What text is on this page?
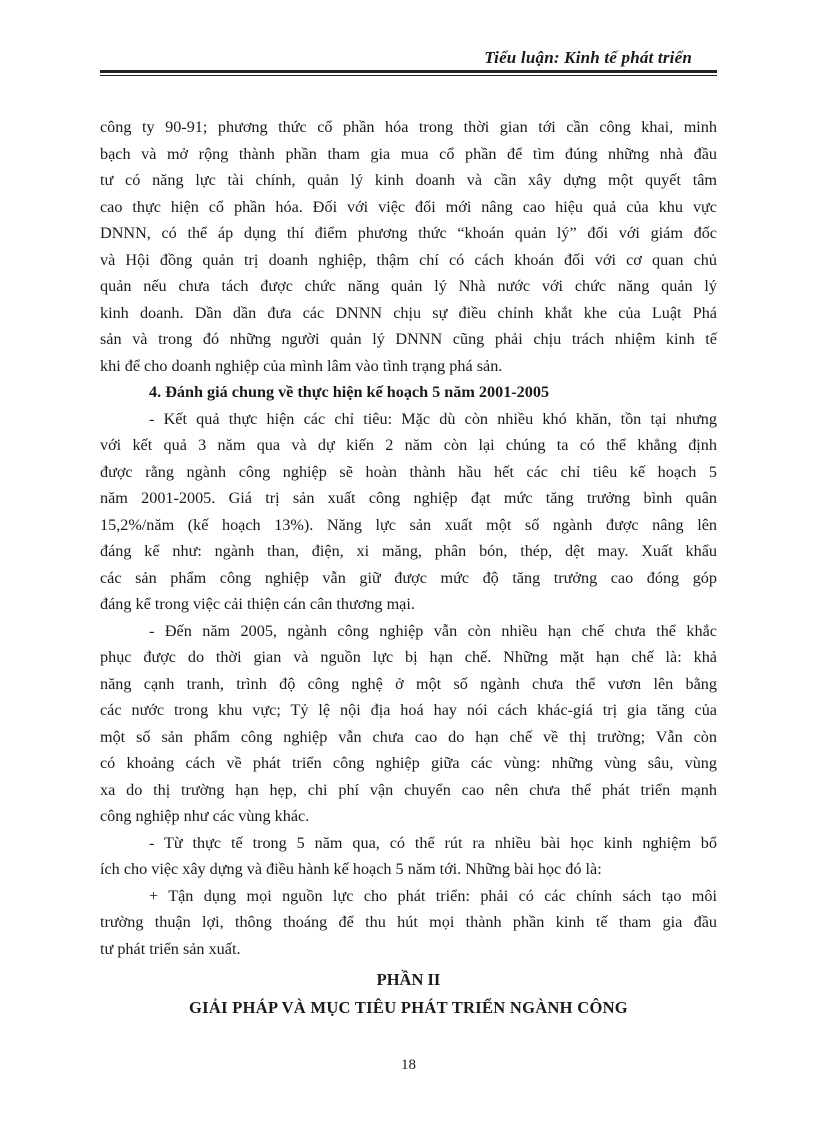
Tiểu luận: Kinh tế phát triển
công ty 90-91; phương thức cổ phần hóa trong thời gian tới cần công khai, minh
bạch và mở rộng thành phần tham gia mua cổ phần để tìm đúng những nhà đầu
tư có năng lực tài chính, quản lý kinh doanh và cần xây dựng một quyết tâm
cao thực hiện cổ phần hóa. Đối với việc đổi mới nâng cao hiệu quả của khu vực
DNNN, có thể áp dụng thí điểm phương thức “khoán quản lý” đối với giám đốc
và Hội đồng quản trị doanh nghiệp, thậm chí có cách khoán đối với cơ quan chủ
quản nếu chưa tách được chức năng quản lý Nhà nước với chức năng quản lý
kinh doanh. Dần dần đưa các DNNN chịu sự điều chỉnh khắt khe của Luật Phá
sản và trong đó những người quản lý DNNN cũng phải chịu trách nhiệm kinh tế
khi để cho doanh nghiệp của mình lâm vào tình trạng phá sản.
4. Đánh giá chung về thực hiện kế hoạch 5 năm 2001-2005
- Kết quả thực hiện các chỉ tiêu: Mặc dù còn nhiều khó khăn, tồn tại nhưng
với kết quả 3 năm qua và dự kiến 2 năm còn lại chúng ta có thể khẳng định
được rằng ngành công nghiệp sẽ hoàn thành hầu hết các chỉ tiêu kế hoạch 5
năm 2001-2005. Giá trị sản xuất công nghiệp đạt mức tăng trưởng bình quân
15,2%/năm (kế hoạch 13%). Năng lực sản xuất một số ngành được nâng lên
đáng kể như: ngành than, điện, xi măng, phân bón, thép, dệt may. Xuất khẩu
các sản phẩm công nghiệp vẫn giữ được mức độ tăng trưởng cao đóng góp
đáng kể trong việc cải thiện cán cân thương mại.
- Đến năm 2005, ngành công nghiệp vẫn còn nhiều hạn chế chưa thể khắc
phục được do thời gian và nguồn lực bị hạn chế. Những mặt hạn chế là: khả
năng cạnh tranh, trình độ công nghệ ở một số ngành chưa thể vươn lên bằng
các nước trong khu vực; Tỷ lệ nội địa hoá hay nói cách khác-giá trị gia tăng của
một số sản phẩm công nghiệp vẫn chưa cao do hạn chế về thị trường; Vẫn còn
có khoảng cách về phát triển công nghiệp giữa các vùng: những vùng sâu, vùng
xa do thị trường hạn hẹp, chi phí vận chuyển cao nên chưa thể phát triển mạnh
công nghiệp như các vùng khác.
- Từ thực tế trong 5 năm qua, có thể rút ra nhiều bài học kinh nghiệm bổ
ích cho việc xây dựng và điều hành kế hoạch 5 năm tới. Những bài học đó là:
+ Tận dụng mọi nguồn lực cho phát triển: phải có các chính sách tạo môi
trường thuận lợi, thông thoáng để thu hút mọi thành phần kinh tế tham gia đầu
tư phát triển sản xuất.
PHẦN II
GIẢI PHÁP VÀ MỤC TIÊU PHÁT TRIỂN NGÀNH CÔNG
18
